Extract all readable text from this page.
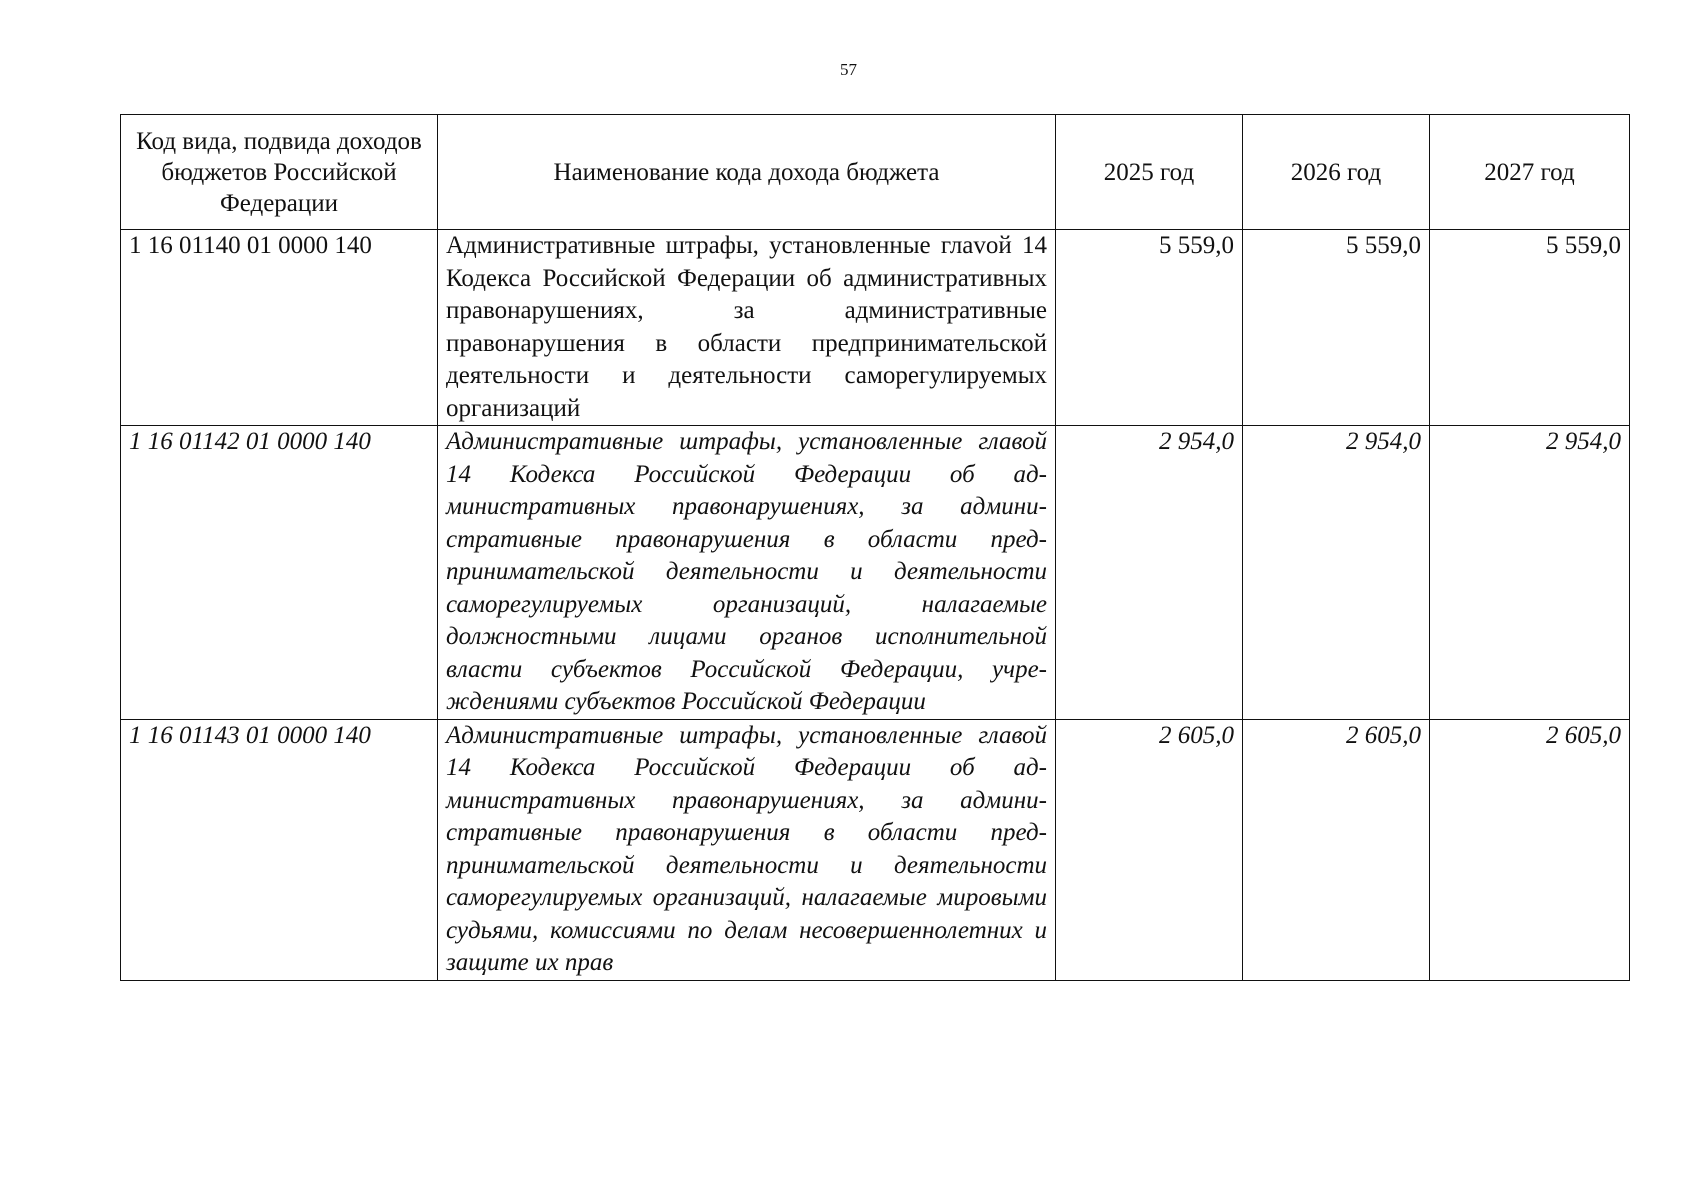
57
Код вида, подвида доходов бюджетов Российской Федерации	Наименование кода дохода бюджета	2025 год	2026 год	2027 год
1 16 01140 01 0000 140	Административные штрафы, установленные глаvой 14 Кодекса Российской Федерации об административных правонарушениях, за административные правонарушения в области предпринимательской деятельности и деятельности саморегулируемых организаций	5 559,0	5 559,0	5 559,0
1 16 01142 01 0000 140	Административные штрафы, установленные главой 14 Кодекса Российской Федерации об административных правонарушениях, за административные правонарушения в области предпринимательской деятельности и деятельности саморегулируемых организаций, налагаемые должностными лицами органов исполнительной власти субъектов Российской Федерации, учреждениями субъектов Российской Федерации	2 954,0	2 954,0	2 954,0
1 16 01143 01 0000 140	Административные штрафы, установленные главой 14 Кодекса Российской Федерации об административных правонарушениях, за административные правонарушения в области предпринимательской деятельности и деятельности саморегулируемых организаций, налагаемые мировыми судьями, комиссиями по делам несовершеннолетних и защите их прав	2 605,0	2 605,0	2 605,0
